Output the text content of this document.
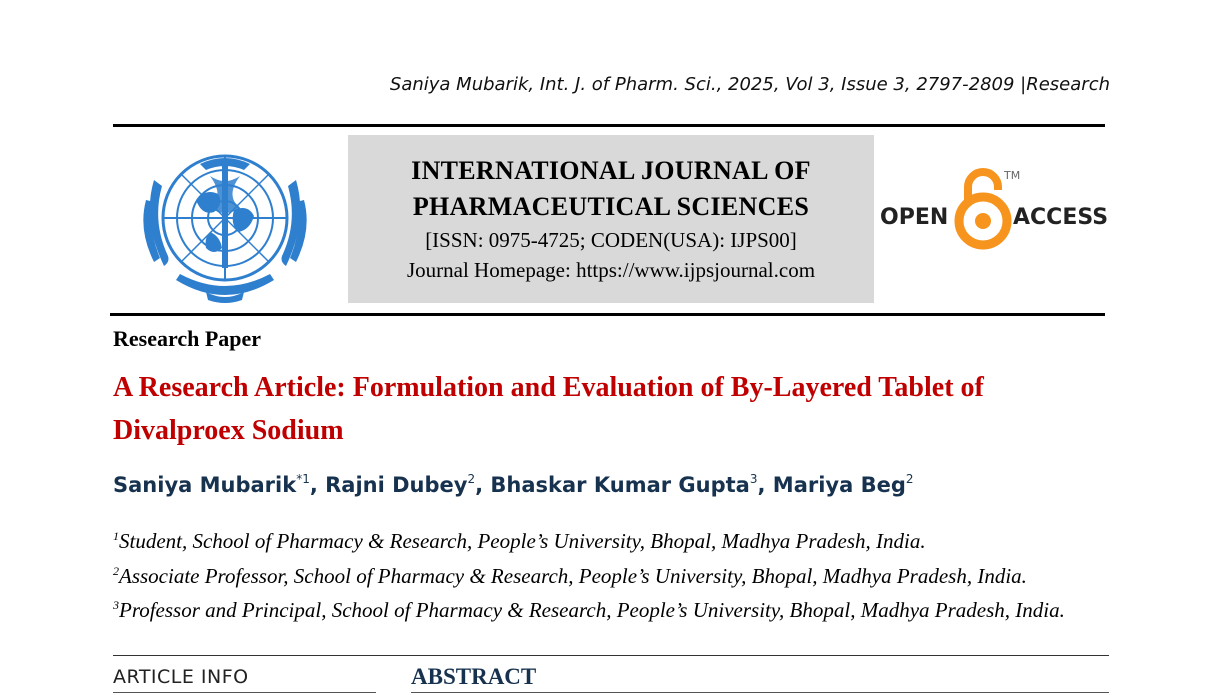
Saniya Mubarik, Int. J. of Pharm. Sci., 2025, Vol 3, Issue 3, 2797-2809 |Research
INTERNATIONAL JOURNAL OF
PHARMACEUTICAL SCIENCES
[ISSN: 0975-4725; CODEN(USA): IJPS00]
Journal Homepage: https://www.ijpsjournal.com
OPEN
TM
ACCESS
Research Paper
A Research Article: Formulation and Evaluation of By-Layered Tablet of Divalproex Sodium
Saniya Mubarik$^{*1}$, Rajni Dubey$^2$, Bhaskar Kumar Gupta$^3$, Mariya Beg$^2$
$^1$Student, School of Pharmacy & Research, People’s University, Bhopal, Madhya Pradesh, India.
$^2$Associate Professor, School of Pharmacy & Research, People’s University, Bhopal, Madhya Pradesh, India.
$^3$Professor and Principal, School of Pharmacy & Research, People’s University, Bhopal, Madhya Pradesh, India.
ARTICLE INFO	ABSTRACT
